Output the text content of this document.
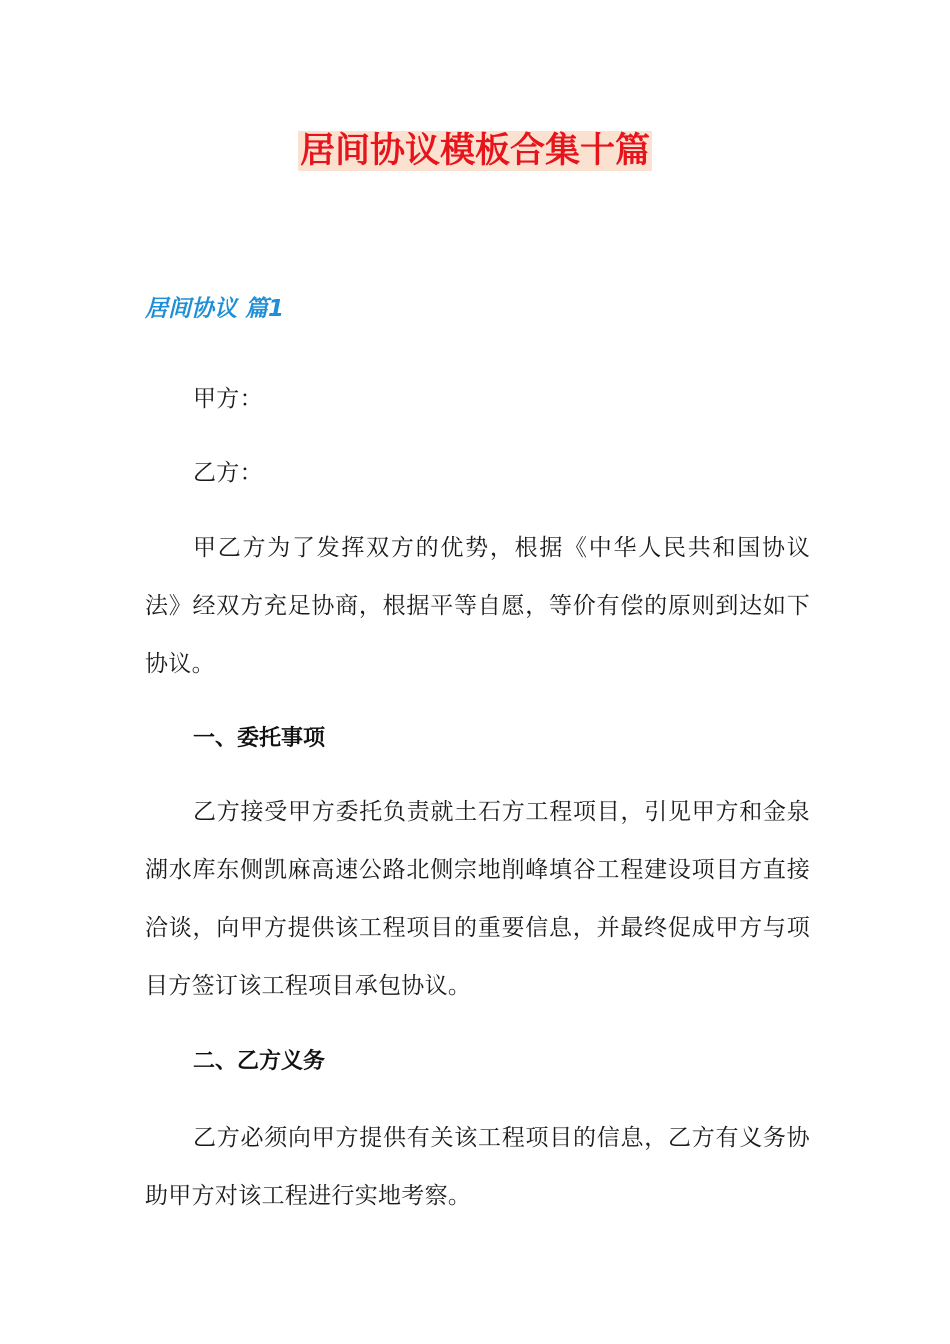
居间协议模板合集十篇
居间协议 篇1

甲方：

乙方：

甲乙方为了发挥双方的优势，根据《中华人民共和国协议法》经双方充足协商，根据平等自愿，等价有偿的原则到达如下协议。

一、委托事项

乙方接受甲方委托负责就土石方工程项目，引见甲方和金泉湖水库东侧凯麻高速公路北侧宗地削峰填谷工程建设项目方直接洽谈，向甲方提供该工程项目的重要信息，并最终促成甲方与项目方签订该工程项目承包协议。

二、乙方义务

乙方必须向甲方提供有关该工程项目的信息，乙方有义务协助甲方对该工程进行实地考察。
